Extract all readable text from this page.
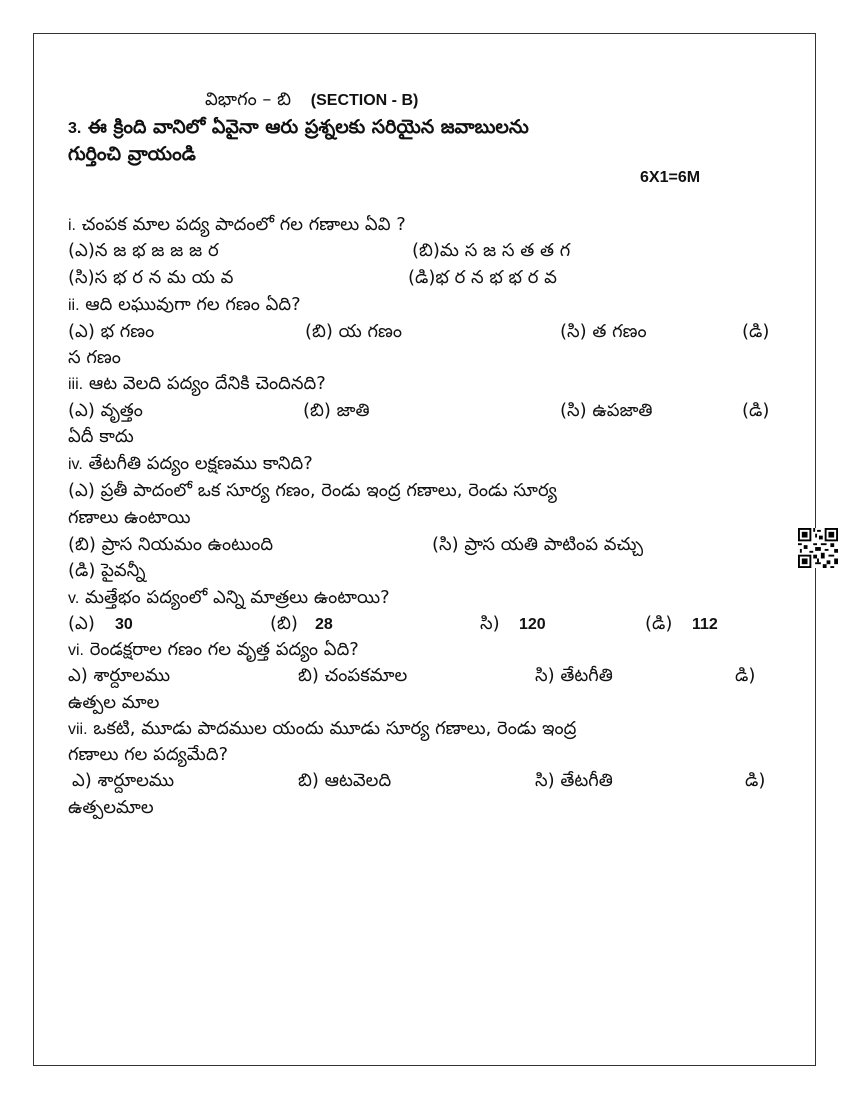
విభాగం – బి (SECTION - B)
3. ఈ క్రింది వానిలో ఏవైనా ఆరు ప్రశ్నలకు సరియైన జవాబులను
గుర్తించి వ్రాయండి
6X1=6M
i. చంపక మాల పద్య పాదంలో గల గణాలు ఏవి ?
(ఎ)న జ భ జ జ జ ర	(బి)మ స జ స త త గ
(సి)స భ ర న మ య వ	(డి)భ ర న భ భ ర వ
ii. ఆది లఘువుగా గల గణం ఏది?
(ఎ) భ గణం	(బి) య గణం	(సి) త గణం	(డి)
స గణం
iii. ఆట వెలది పద్యం దేనికి చెందినది?
(ఎ) వృత్తం	(బి) జాతి	(సి) ఉపజాతి	(డి)
ఏదీ కాదు
iv. తేటగీతి పద్యం లక్షణము కానిది?
(ఎ) ప్రతీ పాదంలో ఒక సూర్య గణం, రెండు ఇంద్ర గణాలు, రెండు సూర్య
గణాలు ఉంటాయి
(బి) ప్రాస నియమం ఉంటుంది	(సి) ప్రాస యతి పాటింప వచ్చు
(డి) పైవన్నీ
v. మత్తేభం పద్యంలో ఎన్ని మాత్రలు ఉంటాయి?
(ఎ) 30	(బి) 28	సి) 120	(డి) 112
vi. రెండక్షరాల గణం గల వృత్త పద్యం ఏది?
ఎ) శార్దూలము	బి) చంపకమాల	సి) తేటగీతి	డి)
ఉత్పల మాల
vii. ఒకటి, మూడు పాదముల యందు మూడు సూర్య గణాలు, రెండు ఇంద్ర
గణాలు గల పద్యమేది?
ఎ) శార్దూలము	బి) ఆటవెలది	సి) తేటగీతి	డి)
ఉత్పలమాల
